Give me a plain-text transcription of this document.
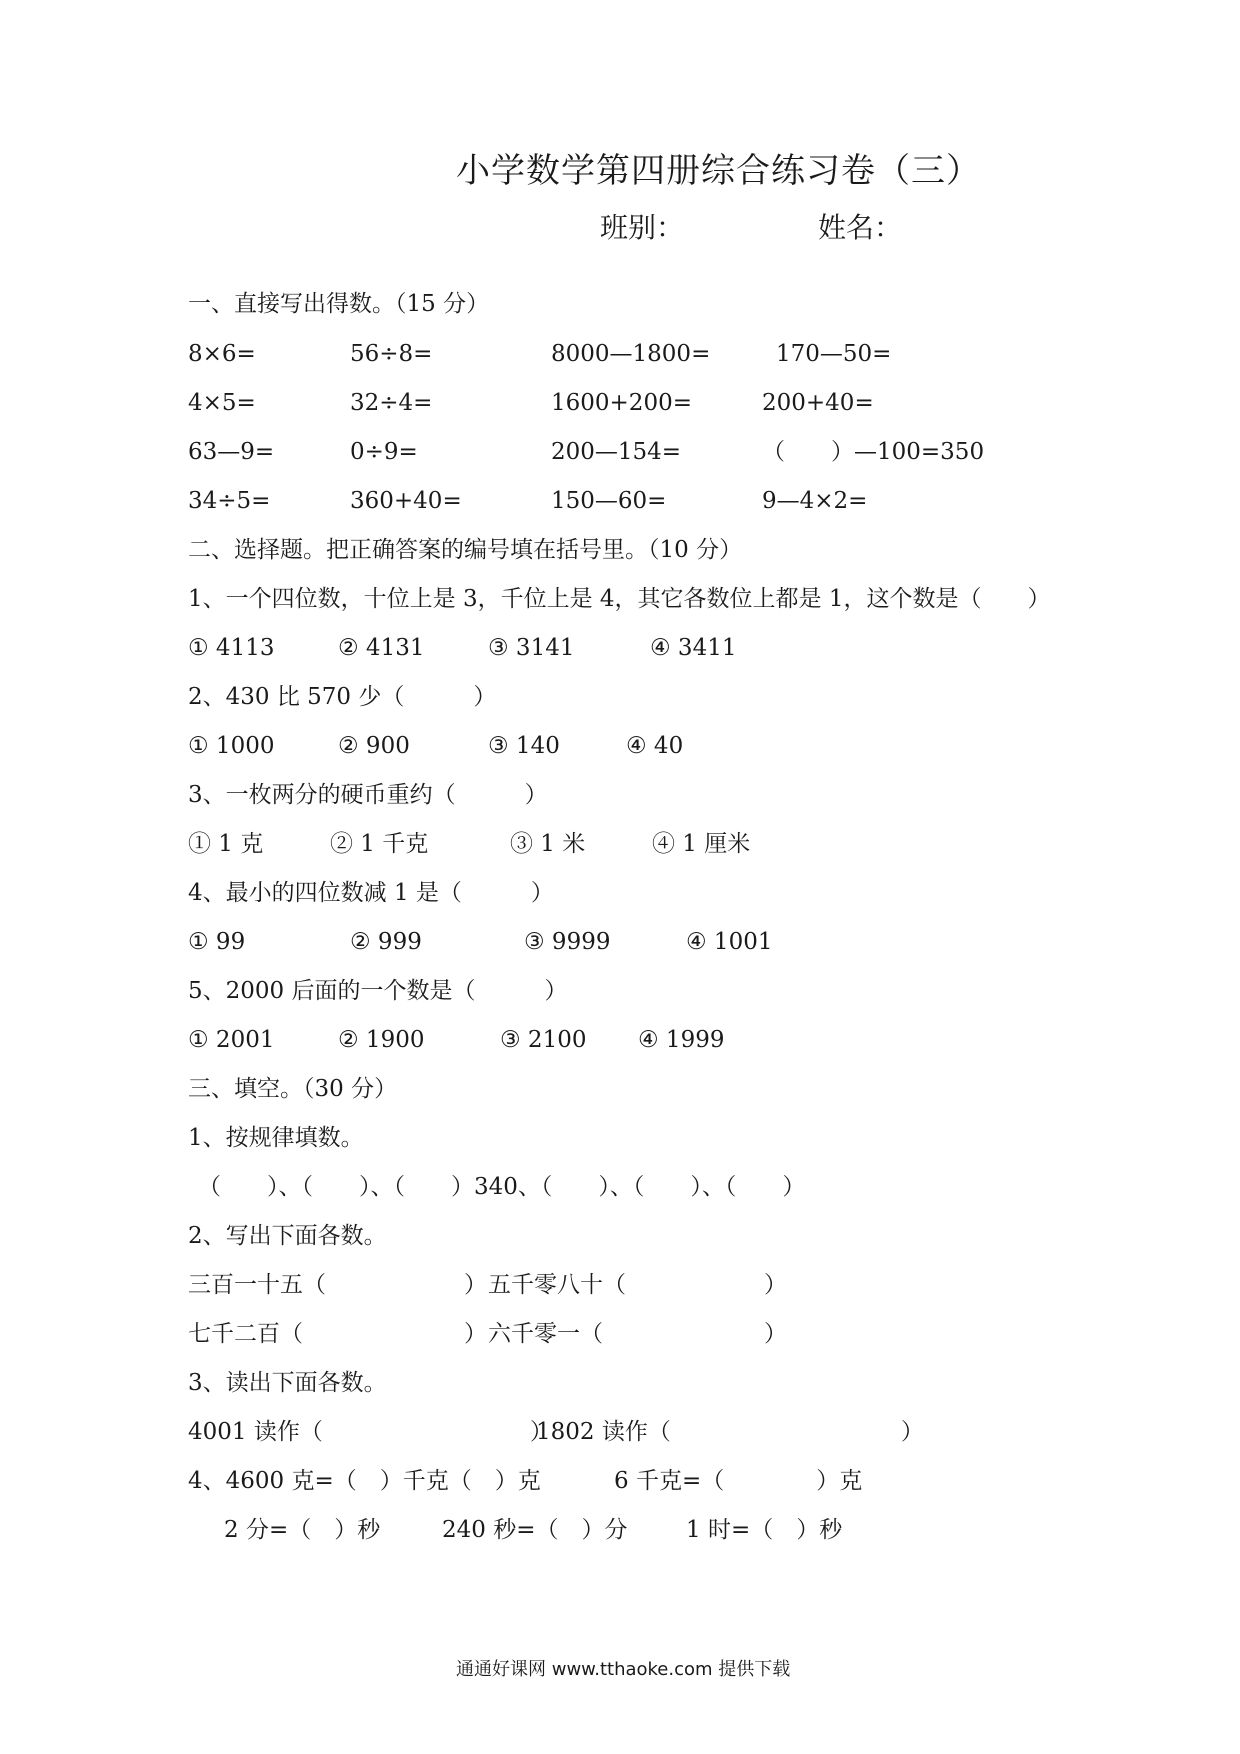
小学数学第四册综合练习卷（三）
班别：	姓名：
一、直接写出得数。（15 分）
8×6=	56÷8=	8000—1800=	170—50=
4×5=	32÷4=	1600+200=	200+40=
63—9=	0÷9=	200—154=	（　　）—100=350
34÷5=	360+40=	150—60=	9—4×2=
二、选择题。把正确答案的编号填在括号里。（10 分）
1、一个四位数，十位上是 3，千位上是 4，其它各数位上都是 1，这个数是（　　）
① 4113	② 4131	③ 3141	④ 3411
2、430 比 570 少（　　　）
① 1000	② 900	③ 140	④ 40
3、一枚两分的硬币重约（　　　）
① 1 克	② 1 千克	③ 1 米	④ 1 厘米
4、最小的四位数减 1 是（　　　）
① 99	② 999	③ 9999	④ 1001
5、2000 后面的一个数是（　　　）
① 2001	② 1900	③ 2100 ④ 1999
三、填空。（30 分）
1、按规律填数。
（　　）、（　　）、（　　）340、（　　）、（　　）、（　　）
2、写出下面各数。
三百一十五（　　　　　　） 五千零八十（　　　　　　）
七千二百（　　　　　　　） 六千零一（　　　　　　　）
3、读出下面各数。
4001 读作（　　　　　　　　　）
1802 读作（　　　　　　　　　　）
4、4600 克=（　）千克（　）克	6 千克=（　　　　）克
2 分=（　）秒	240 秒=（　）分	1 时=（　）秒
通通好课网 www.tthaoke.com 提供下载
